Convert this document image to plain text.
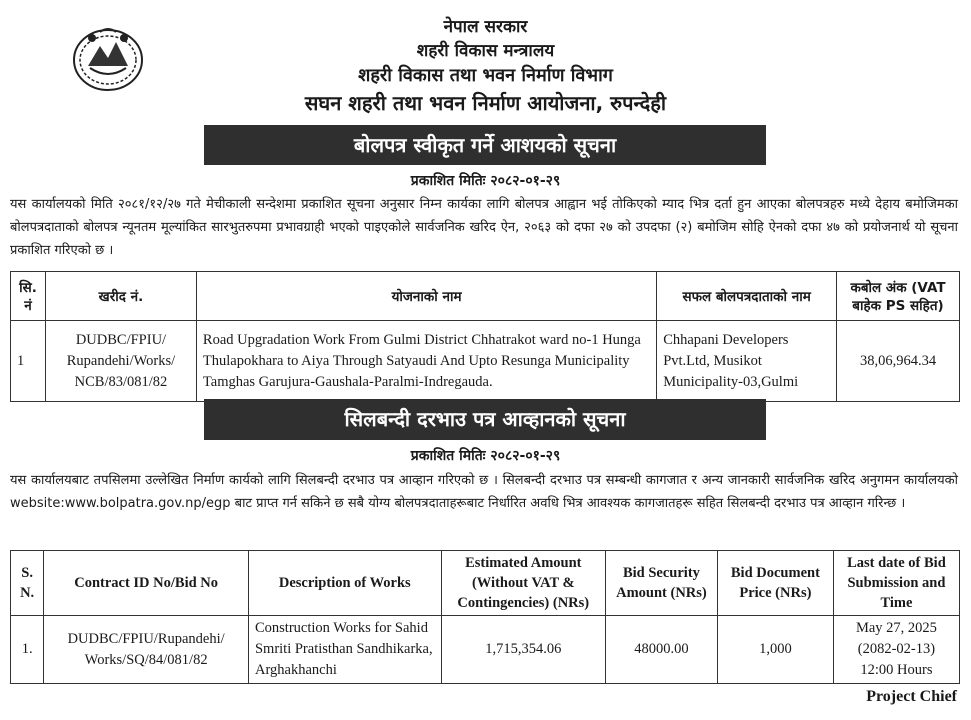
नेपाल सरकार
शहरी विकास मन्त्रालय
शहरी विकास तथा भवन निर्माण विभाग
सघन शहरी तथा भवन निर्माण आयोजना, रुपन्देही
बोलपत्र स्वीकृत गर्ने आशयको सूचना
प्रकाशित मितिः २०८२-०१-२९
यस कार्यालयको मिति २०८१/१२/२७ गते मेचीकाली सन्देशमा प्रकाशित सूचना अनुसार निम्न कार्यका लागि बोलपत्र आह्वान भई तोकिएको म्याद भित्र दर्ता हुन आएका बोलपत्रहरु मध्ये देहाय बमोजिमका बोलपत्रदाताको बोलपत्र न्यूनतम मूल्यांकित सारभुतरुपमा प्रभावग्राही भएको पाइएकोले सार्वजनिक खरिद ऐन, २०६३ को दफा २७ को उपदफा (२) बमोजिम सोहि ऐनको दफा ४७ को प्रयोजनार्थ यो सूचना प्रकाशित गरिएको छ ।
सि. नं	खरीद नं.	योजनाको नाम	सफल बोलपत्रदाताको नाम	कबोल अंक (VAT बाहेक PS सहित)
1	DUDBC/FPIU/ Rupandehi/Works/ NCB/83/081/82	Road Upgradation Work From Gulmi District Chhatrakot ward no-1 Hunga Thulapokhara to Aiya Through Satyaudi And Upto Resunga Municipality Tamghas Garujura-Gaushala-Paralmi-Indregauda.	Chhapani Developers Pvt.Ltd, Musikot Municipality-03,Gulmi	38,06,964.34
सिलबन्दी दरभाउ पत्र आव्हानको सूचना
प्रकाशित मितिः २०८२-०१-२९
यस कार्यालयबाट तपसिलमा उल्लेखित निर्माण कार्यको लागि सिलबन्दी दरभाउ पत्र आव्हान गरिएको छ । सिलबन्दी दरभाउ पत्र सम्बन्धी कागजात र अन्य जानकारी सार्वजनिक खरिद अनुगमन कार्यालयको website:www.bolpatra.gov.np/egp बाट प्राप्त गर्न सकिने छ सबै योग्य बोलपत्रदाताहरूबाट निर्धारित अवधि भित्र आवश्यक कागजातहरू सहित सिलबन्दी दरभाउ पत्र आव्हान गरिन्छ ।
S. N.	Contract ID No/Bid No	Description of Works	Estimated Amount (Without VAT & Contingencies) (NRs)	Bid Security Amount (NRs)	Bid Document Price (NRs)	Last date of Bid Submission and Time
1.	DUDBC/FPIU/Rupandehi/ Works/SQ/84/081/82	Construction Works for Sahid Smriti Pratisthan Sandhikarka, Arghakhanchi	1,715,354.06	48000.00	1,000	May 27, 2025
(2082-02-13)
12:00 Hours
Project Chief
